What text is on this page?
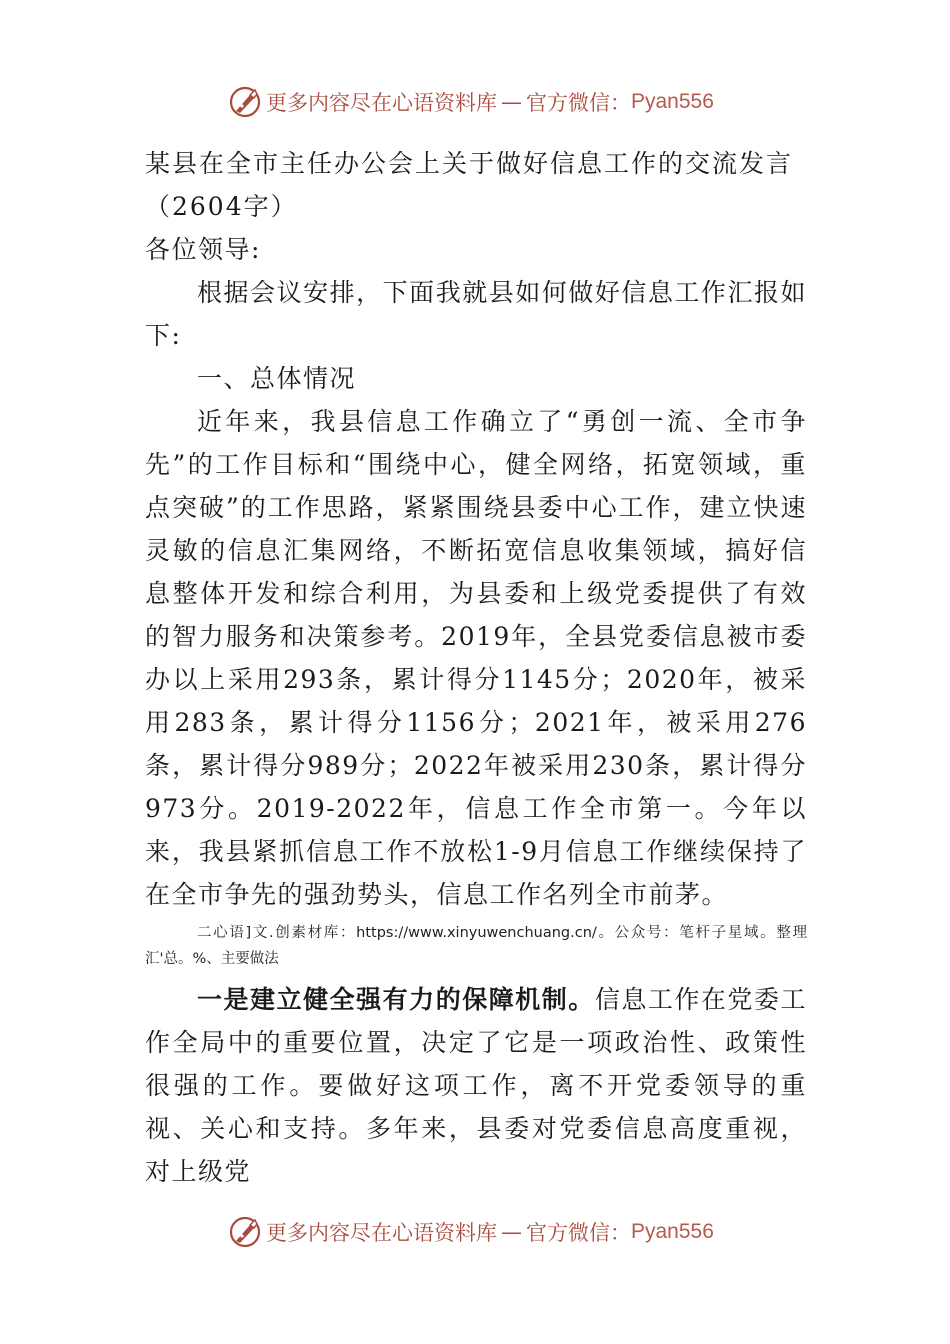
更多内容尽在心语资料库 — 官方微信： Pyan556

某县在全市主任办公会上关于做好信息工作的交流发言

（2604字）

各位领导:

根据会议安排，下面我就县如何做好信息工作汇报如下:

一、总体情况

近年来，我县信息工作确立了“勇创一流、全市争先”的工作目标和“围绕中心，健全网络，拓宽领域，重点突破”的工作思路，紧紧围绕县委中心工作，建立快速灵敏的信息汇集网络，不断拓宽信息收集领域，搞好信息整体开发和综合利用，为县委和上级党委提供了有效的智力服务和决策参考。2019年，全县党委信息被市委办以上采用293条，累计得分1145分；2020年，被采用283条，累计得分1156分；2021年，被采用276条，累计得分989分；2022年被采用230条，累计得分973分。2019-2022年，信息工作全市第一。今年以来，我县紧抓信息工作不放松1-9月信息工作继续保持了在全市争先的强劲势头，信息工作名列全市前茅。

二心语]文.创素材库：https://www.xinyuwenchuang.cn/。公众号：笔杆子星域。整理汇'总。%、主要做法

一是建立健全强有力的保障机制。信息工作在党委工作全局中的重要位置，决定了它是一项政治性、政策性很强的工作。要做好这项工作，离不开党委领导的重视、关心和支持。多年来，县委对党委信息高度重视，对上级党

更多内容尽在心语资料库 — 官方微信： Pyan556
